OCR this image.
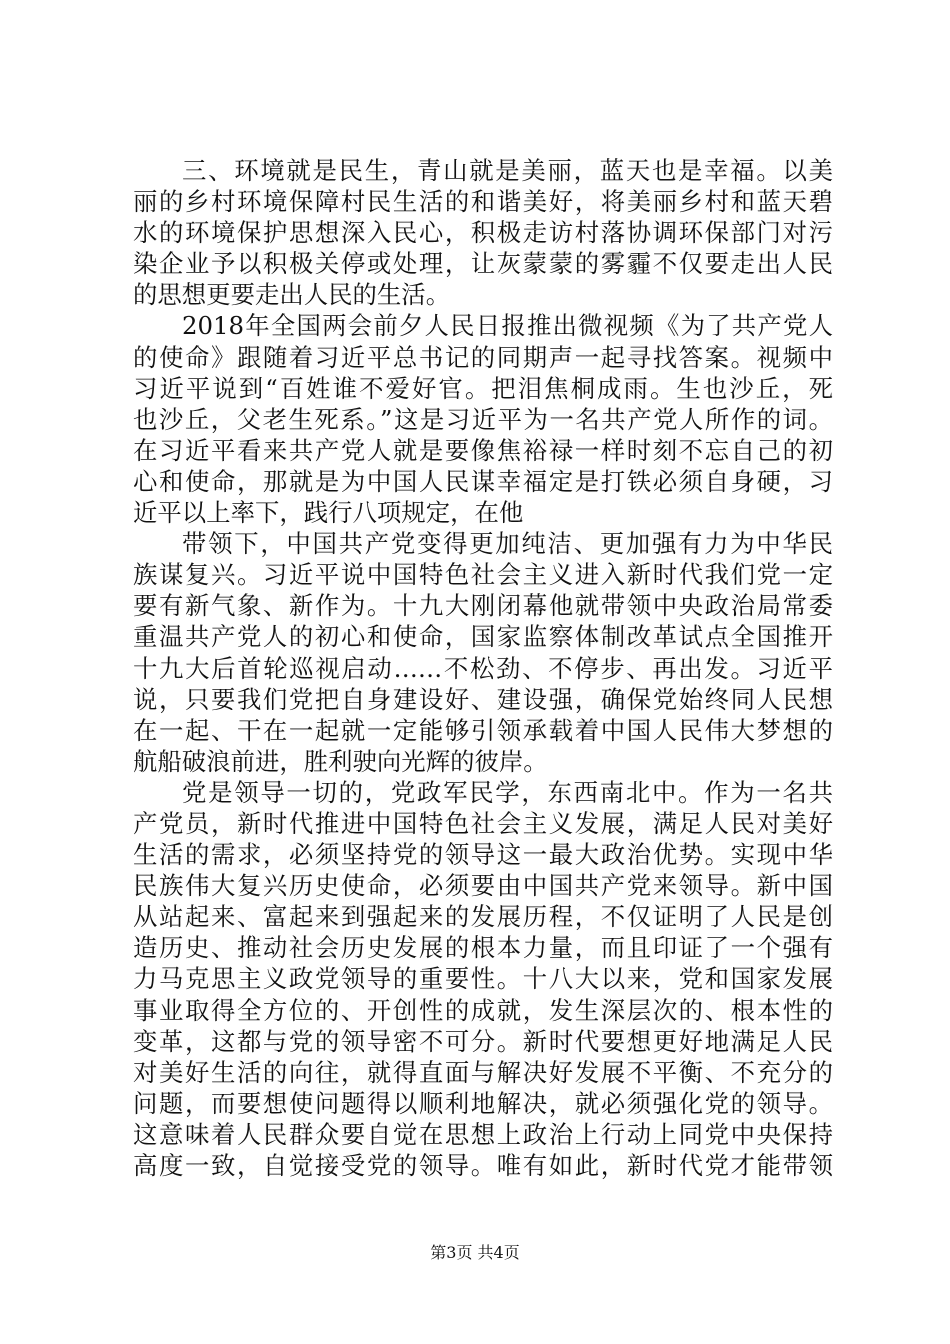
三、环境就是民生，青山就是美丽，蓝天也是幸福。以美
丽的乡村环境保障村民生活的和谐美好，将美丽乡村和蓝天碧
水的环境保护思想深入民心，积极走访村落协调环保部门对污
染企业予以积极关停或处理，让灰蒙蒙的雾霾不仅要走出人民
的思想更要走出人民的生活。
2018年全国两会前夕人民日报推出微视频《为了共产党人
的使命》跟随着习近平总书记的同期声一起寻找答案。视频中
习近平说到“百姓谁不爱好官。把泪焦桐成雨。生也沙丘，死
也沙丘，父老生死系。”这是习近平为一名共产党人所作的词。
在习近平看来共产党人就是要像焦裕禄一样时刻不忘自己的初
心和使命，那就是为中国人民谋幸福定是打铁必须自身硬，习
近平以上率下，践行八项规定，在他
带领下，中国共产党变得更加纯洁、更加强有力为中华民
族谋复兴。习近平说中国特色社会主义进入新时代我们党一定
要有新气象、新作为。十九大刚闭幕他就带领中央政治局常委
重温共产党人的初心和使命，国家监察体制改革试点全国推开
十九大后首轮巡视启动……不松劲、不停步、再出发。习近平
说，只要我们党把自身建设好、建设强，确保党始终同人民想
在一起、干在一起就一定能够引领承载着中国人民伟大梦想的
航船破浪前进，胜利驶向光辉的彼岸。
党是领导一切的，党政军民学，东西南北中。作为一名共
产党员，新时代推进中国特色社会主义发展，满足人民对美好
生活的需求，必须坚持党的领导这一最大政治优势。实现中华
民族伟大复兴历史使命，必须要由中国共产党来领导。新中国
从站起来、富起来到强起来的发展历程，不仅证明了人民是创
造历史、推动社会历史发展的根本力量，而且印证了一个强有
力马克思主义政党领导的重要性。十八大以来，党和国家发展
事业取得全方位的、开创性的成就，发生深层次的、根本性的
变革，这都与党的领导密不可分。新时代要想更好地满足人民
对美好生活的向往，就得直面与解决好发展不平衡、不充分的
问题，而要想使问题得以顺利地解决，就必须强化党的领导。
这意味着人民群众要自觉在思想上政治上行动上同党中央保持
高度一致，自觉接受党的领导。唯有如此，新时代党才能带领
第3页 共4页
